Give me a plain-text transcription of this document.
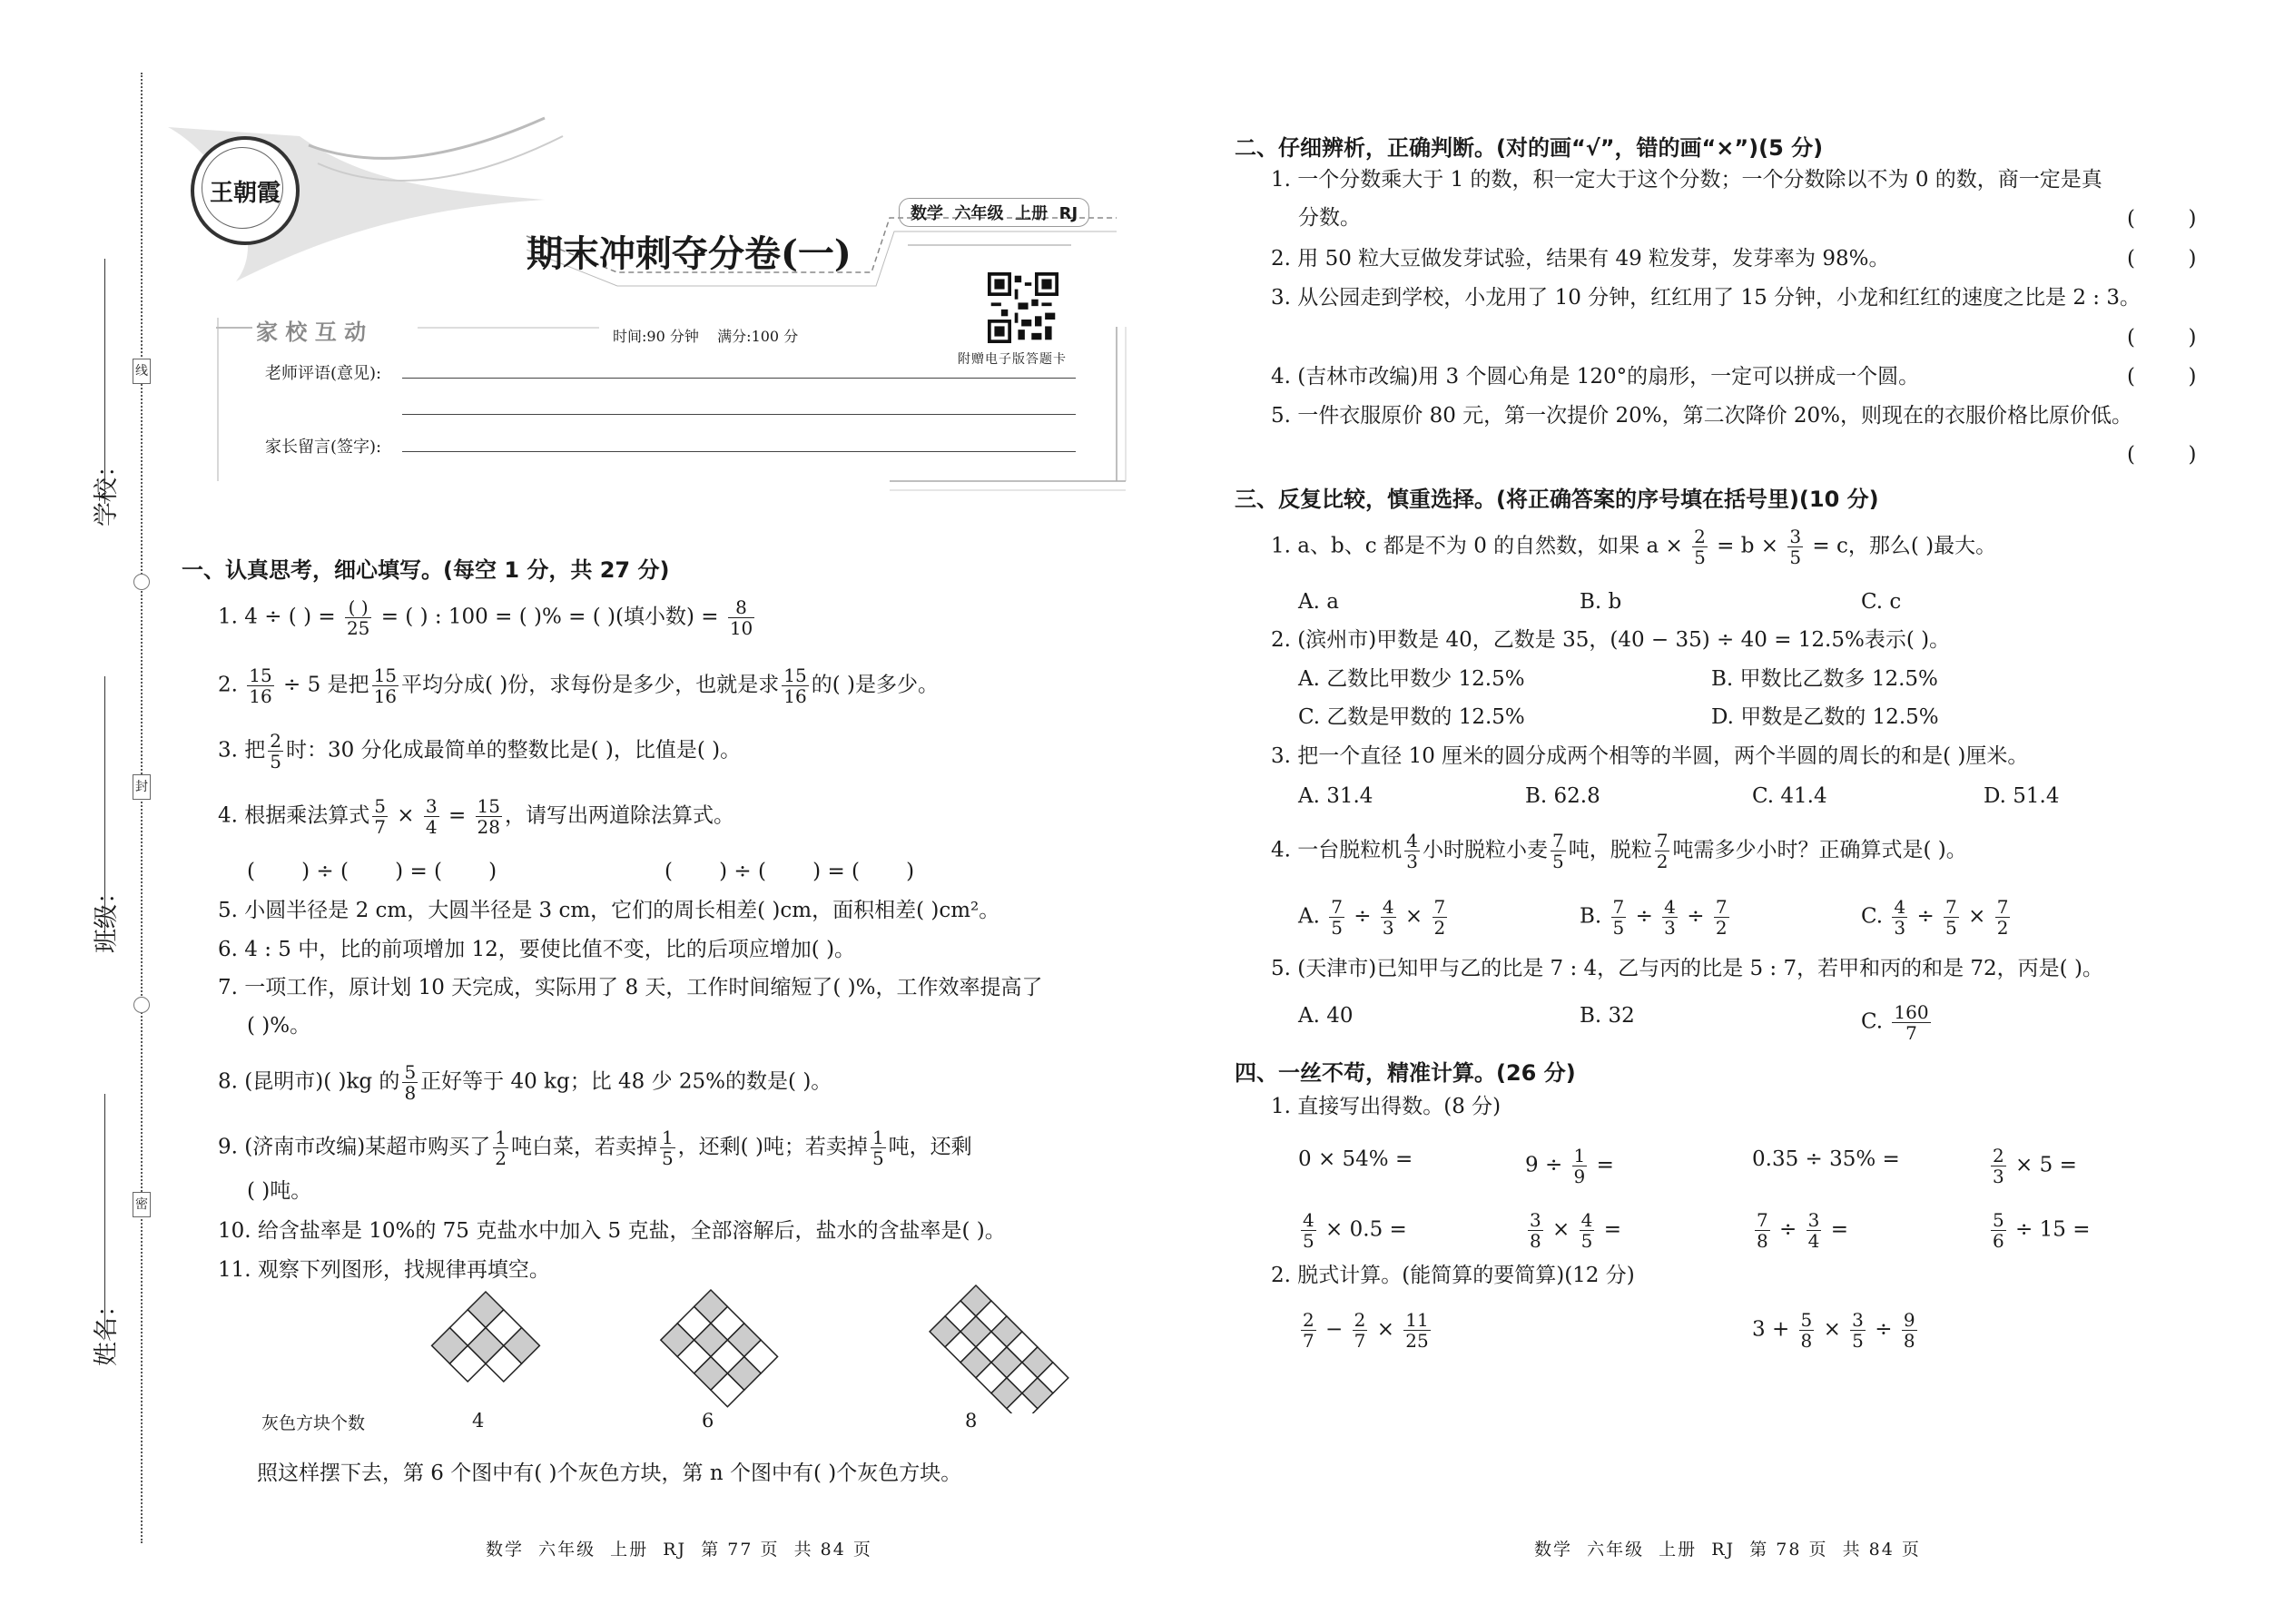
线
封
密
学校：
班级：
姓名：
王朝霞
数学  六年级  上册  RJ
期末冲刺夺分卷(一)
附赠电子版答题卡
家 校 互 动	时间:90 分钟    满分:100 分
老师评语(意见):
家长留言(签字):
一、认真思考，细心填写。(每空 1 分，共 27 分)
1. 4 ÷ ( ) = ( )
25 = ( ) : 100 = ( )% = ( )(填小数) = $\frac{8}{10}$
2. $\frac{15}{16} \div 5$ 是把 $\frac{15}{16}$ 平均分成( )份，求每份是多少，也就是求 $\frac{15}{16}$ 的( )是多少。
3. 把 $\frac{2}{5}$ 时：30 分化成最简单的整数比是( )，比值是( )。
4. 根据乘法算式 $\frac{5}{7} \times \frac{3}{4} = \frac{15}{28}$ ，请写出两道除法算式。
(       ) ÷ (       ) = (       )	(       ) ÷ (       ) = (       )
5. 小圆半径是 2 cm，大圆半径是 3 cm，它们的周长相差( )cm，面积相差( )cm²。
6. 4 : 5 中，比的前项增加 12，要使比值不变，比的后项应增加( )。
7. 一项工作，原计划 10 天完成，实际用了 8 天，工作时间缩短了( )%，工作效率提高了
( )%。
8. (昆明市)( )kg 的 $\frac{5}{8}$ 正好等于 40 kg；比 48 少 25%的数是( )。
9. (济南市改编)某超市购买了 $\frac{1}{2}$ 吨白菜，若卖掉 $\frac{1}{5}$ ，还剩( )吨；若卖掉 $\frac{1}{5}$ 吨，还剩
( )吨。
10. 给含盐率是 10%的 75 克盐水中加入 5 克盐，全部溶解后，盐水的含盐率是( )。
11. 观察下列图形，找规律再填空。
灰色方块个数	4	6	8
照这样摆下去，第 6 个图中有( )个灰色方块，第 n 个图中有( )个灰色方块。
数学  六年级  上册  RJ  第 77 页  共 84 页
二、仔细辨析，正确判断。(对的画“√”，错的画“×”)(5 分)
1. 一个分数乘大于 1 的数，积一定大于这个分数；一个分数除以不为 0 的数，商一定是真
分数。	(        )
2. 用 50 粒大豆做发芽试验，结果有 49 粒发芽，发芽率为 98%。	(        )
3. 从公园走到学校，小龙用了 10 分钟，红红用了 15 分钟，小龙和红红的速度之比是 2 : 3。
(        )
4. (吉林市改编)用 3 个圆心角是 120°的扇形，一定可以拼成一个圆。	(        )
5. 一件衣服原价 80 元，第一次提价 20%，第二次降价 20%，则现在的衣服价格比原价低。
(        )
三、反复比较，慎重选择。(将正确答案的序号填在括号里)(10 分)
1. a、b、c 都是不为 0 的自然数，如果 $a \times \frac{2}{5} = b \times \frac{3}{5} = c$，那么( )最大。
A. a	B. b	C. c
2. (滨州市)甲数是 40，乙数是 35，(40 − 35) ÷ 40 = 12.5%表示( )。
A. 乙数比甲数少 12.5%	B. 甲数比乙数多 12.5%
C. 乙数是甲数的 12.5%	D. 甲数是乙数的 12.5%
3. 把一个直径 10 厘米的圆分成两个相等的半圆，两个半圆的周长的和是( )厘米。
A. 31.4	B. 62.8	C. 41.4	D. 51.4
4. 一台脱粒机 $\frac{4}{3}$ 小时脱粒小麦 $\frac{7}{5}$ 吨，脱粒 $\frac{7}{2}$ 吨需多少小时？正确算式是( )。
A. $\frac{7}{5} \div \frac{4}{3} \times \frac{7}{2}$	B. $\frac{7}{5} \div \frac{4}{3} \div \frac{7}{2}$	C. $\frac{4}{3} \div \frac{7}{5} \times \frac{7}{2}$
5. (天津市)已知甲与乙的比是 7 : 4，乙与丙的比是 5 : 7，若甲和丙的和是 72，丙是( )。
A. 40	B. 32	C. $\frac{160}{7}$
四、一丝不苟，精准计算。(26 分)
1. 直接写出得数。(8 分)
0 × 54% =	$9 \div \frac{1}{9}$ =	0.35 ÷ 35% =	$\frac{2}{3} \times 5$ =
$\frac{4}{5} \times 0.5$ =	$\frac{3}{8} \times \frac{4}{5}$ =	$\frac{7}{8} \div \frac{3}{4}$ =	$\frac{5}{6} \div 15$ =
2. 脱式计算。(能简算的要简算)(12 分)
$\frac{2}{7} - \frac{2}{7} \times \frac{11}{25}$	$3 + \frac{5}{8} \times \frac{3}{5} \div \frac{9}{8}$
数学  六年级  上册  RJ  第 78 页  共 84 页
